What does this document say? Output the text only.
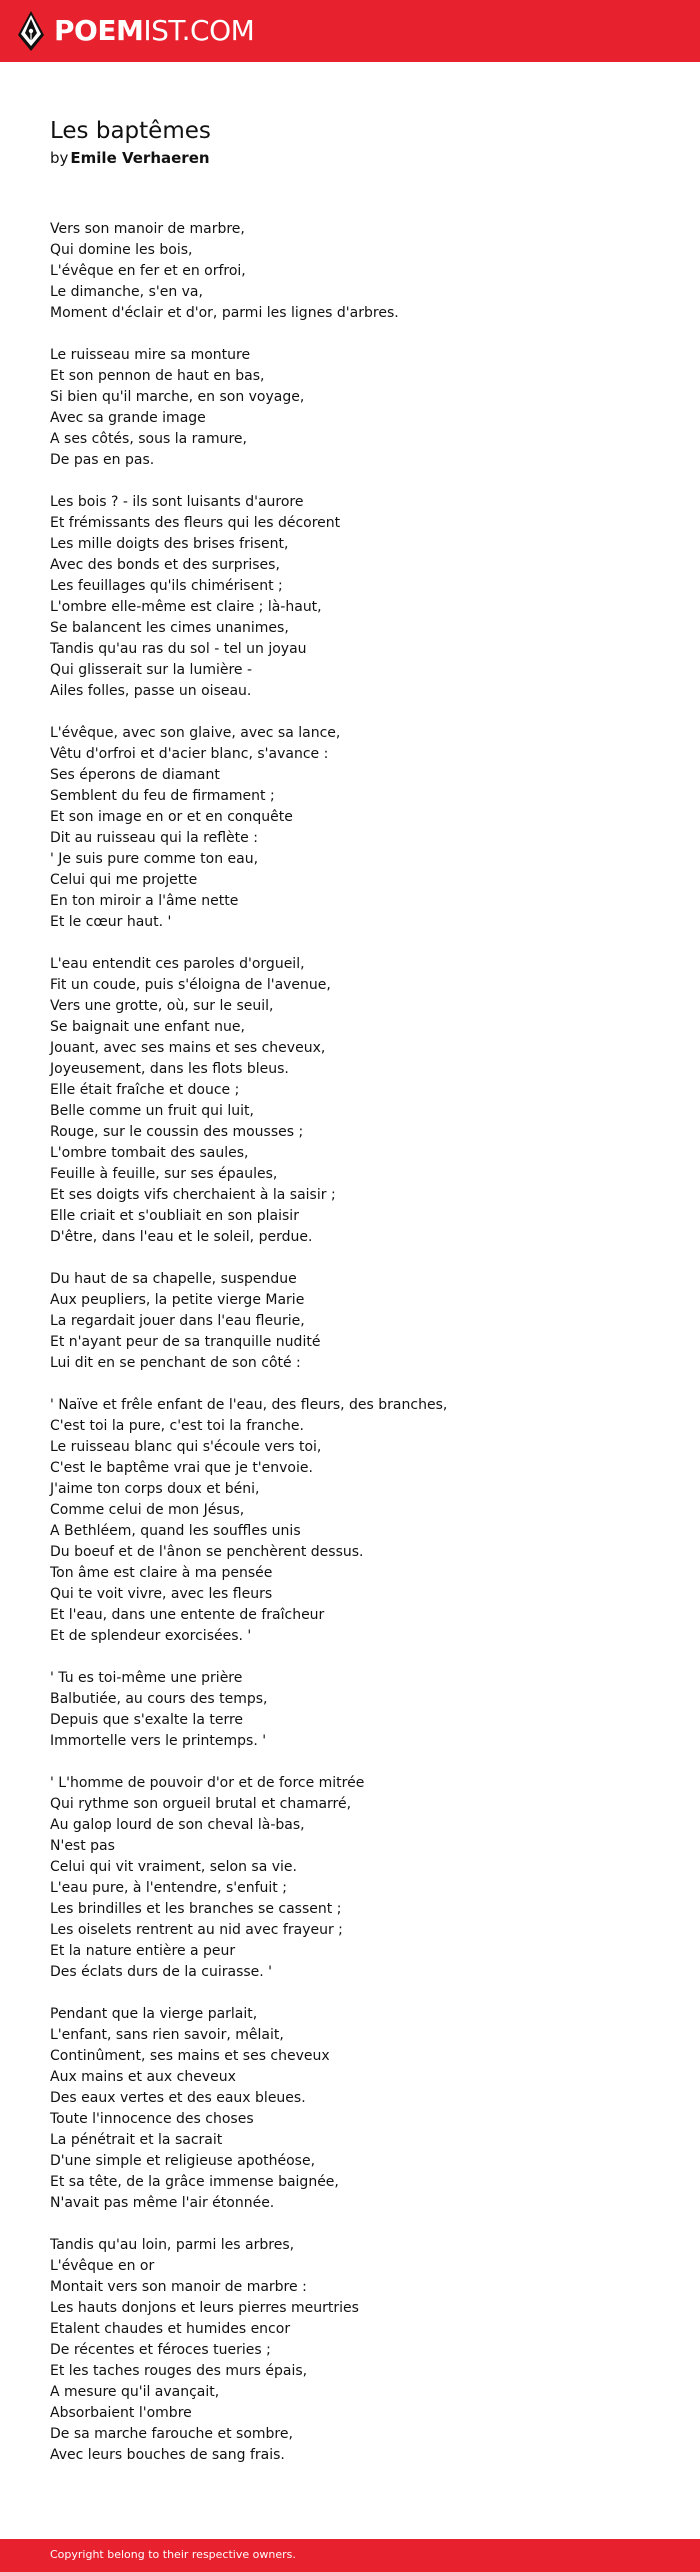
POEMIST.COM
Les baptêmes
by Emile Verhaeren
Vers son manoir de marbre,
Qui domine les bois,
L'évêque en fer et en orfroi,
Le dimanche, s'en va,
Moment d'éclair et d'or, parmi les lignes d'arbres.
Le ruisseau mire sa monture
Et son pennon de haut en bas,
Si bien qu'il marche, en son voyage,
Avec sa grande image
A ses côtés, sous la ramure,
De pas en pas.
Les bois ? - ils sont luisants d'aurore
Et frémissants des fleurs qui les décorent
Les mille doigts des brises frisent,
Avec des bonds et des surprises,
Les feuillages qu'ils chimérisent ;
L'ombre elle-même est claire ; là-haut,
Se balancent les cimes unanimes,
Tandis qu'au ras du sol - tel un joyau
Qui glisserait sur la lumière -
Ailes folles, passe un oiseau.
L'évêque, avec son glaive, avec sa lance,
Vêtu d'orfroi et d'acier blanc, s'avance :
Ses éperons de diamant
Semblent du feu de firmament ;
Et son image en or et en conquête
Dit au ruisseau qui la reflète :
' Je suis pure comme ton eau,
Celui qui me projette
En ton miroir a l'âme nette
Et le cœur haut. '
L'eau entendit ces paroles d'orgueil,
Fit un coude, puis s'éloigna de l'avenue,
Vers une grotte, où, sur le seuil,
Se baignait une enfant nue,
Jouant, avec ses mains et ses cheveux,
Joyeusement, dans les flots bleus.
Elle était fraîche et douce ;
Belle comme un fruit qui luit,
Rouge, sur le coussin des mousses ;
L'ombre tombait des saules,
Feuille à feuille, sur ses épaules,
Et ses doigts vifs cherchaient à la saisir ;
Elle criait et s'oubliait en son plaisir
D'être, dans l'eau et le soleil, perdue.
Du haut de sa chapelle, suspendue
Aux peupliers, la petite vierge Marie
La regardait jouer dans l'eau fleurie,
Et n'ayant peur de sa tranquille nudité
Lui dit en se penchant de son côté :
' Naïve et frêle enfant de l'eau, des fleurs, des branches,
C'est toi la pure, c'est toi la franche.
Le ruisseau blanc qui s'écoule vers toi,
C'est le baptême vrai que je t'envoie.
J'aime ton corps doux et béni,
Comme celui de mon Jésus,
A Bethléem, quand les souffles unis
Du boeuf et de l'ânon se penchèrent dessus.
Ton âme est claire à ma pensée
Qui te voit vivre, avec les fleurs
Et l'eau, dans une entente de fraîcheur
Et de splendeur exorcisées. '
' Tu es toi-même une prière
Balbutiée, au cours des temps,
Depuis que s'exalte la terre
Immortelle vers le printemps. '
' L'homme de pouvoir d'or et de force mitrée
Qui rythme son orgueil brutal et chamarré,
Au galop lourd de son cheval là-bas,
N'est pas
Celui qui vit vraiment, selon sa vie.
L'eau pure, à l'entendre, s'enfuit ;
Les brindilles et les branches se cassent ;
Les oiselets rentrent au nid avec frayeur ;
Et la nature entière a peur
Des éclats durs de la cuirasse. '
Pendant que la vierge parlait,
L'enfant, sans rien savoir, mêlait,
Continûment, ses mains et ses cheveux
Aux mains et aux cheveux
Des eaux vertes et des eaux bleues.
Toute l'innocence des choses
La pénétrait et la sacrait
D'une simple et religieuse apothéose,
Et sa tête, de la grâce immense baignée,
N'avait pas même l'air étonnée.
Tandis qu'au loin, parmi les arbres,
L'évêque en or
Montait vers son manoir de marbre :
Les hauts donjons et leurs pierres meurtries
Etalent chaudes et humides encor
De récentes et féroces tueries ;
Et les taches rouges des murs épais,
A mesure qu'il avançait,
Absorbaient l'ombre
De sa marche farouche et sombre,
Avec leurs bouches de sang frais.
Copyright belong to their respective owners.
